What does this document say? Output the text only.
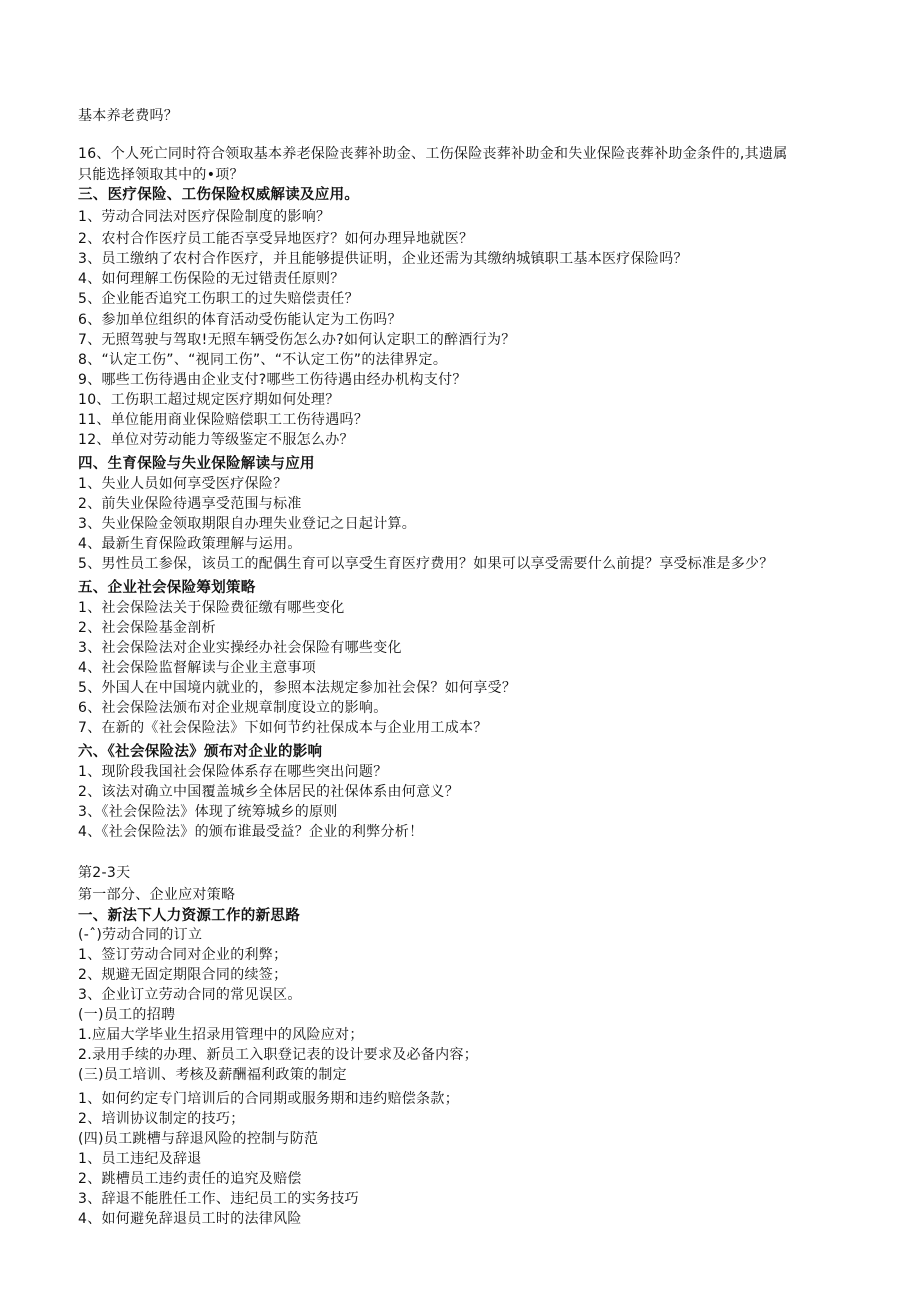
基本养老费吗？
16、个人死亡同时符合领取基本养老保险丧葬补助金、工伤保险丧葬补助金和失业保险丧葬补助金条件的,其遗属
只能选择领取其中的•项？
三、医疗保险、工伤保险权威解读及应用。
1、劳动合同法对医疗保险制度的影响？
2、农村合作医疗员工能否享受异地医疗？如何办理异地就医？
3、员工缴纳了农村合作医疗，并且能够提供证明，企业还需为其缴纳城镇职工基本医疗保险吗？
4、如何理解工伤保险的无过错责任原则？
5、企业能否追究工伤职工的过失赔偿责任？
6、参加单位组织的体育活动受伤能认定为工伤吗？
7、无照驾驶与驾取!无照车辆受伤怎么办?如何认定职工的醉酒行为？
8、“认定工伤”、“视同工伤”、“不认定工伤”的法律界定。
9、哪些工伤待遇由企业支付?哪些工伤待遇由经办机构支付？
10、工伤职工超过规定医疗期如何处理？
11、单位能用商业保险赔偿职工工伤待遇吗？
12、单位对劳动能力等级鉴定不服怎么办？
四、生育保险与失业保险解读与应用
1、失业人员如何享受医疗保险？
2、前失业保险待遇享受范围与标准
3、失业保险金领取期限自办理失业登记之日起计算。
4、最新生育保险政策理解与运用。
5、男性员工参保，该员工的配偶生育可以享受生育医疗费用？如果可以享受需要什么前提？享受标准是多少？
五、企业社会保险筹划策略
1、社会保险法关于保险费征缴有哪些变化
2、社会保险基金剖析
3、社会保险法对企业实操经办社会保险有哪些变化
4、社会保险监督解读与企业主意事项
5、外国人在中国境内就业的，参照本法规定参加社会保？如何享受？
6、社会保险法颁布对企业规章制度设立的影响。
7、在新的《社会保险法》下如何节约社保成本与企业用工成本？
六、《社会保险法》颁布对企业的影响
1、现阶段我国社会保险体系存在哪些突出问题？
2、该法对确立中国覆盖城乡全体居民的社保体系由何意义？
3、《社会保险法》体现了统筹城乡的原则
4、《社会保险法》的颁布谁最受益？企业的利弊分析！
第2-3天
第一部分、企业应对策略
一、新法下人力资源工作的新思路
(-ˆ)劳动合同的订立
1、签订劳动合同对企业的利弊；
2、规避无固定期限合同的续签；
3、企业订立劳动合同的常见误区。
(一)员工的招聘
1.应届大学毕业生招录用管理中的风险应对；
2.录用手续的办理、新员工入职登记表的设计要求及必备内容；
(三)员工培训、考核及薪酬福利政策的制定
1、如何约定专门培训后的合同期或服务期和违约赔偿条款；
2、培训协议制定的技巧；
(四)员工跳槽与辞退风险的控制与防范
1、员工违纪及辞退
2、跳槽员工违约责任的追究及赔偿
3、辞退不能胜任工作、违纪员工的实务技巧
4、如何避免辞退员工时的法律风险
